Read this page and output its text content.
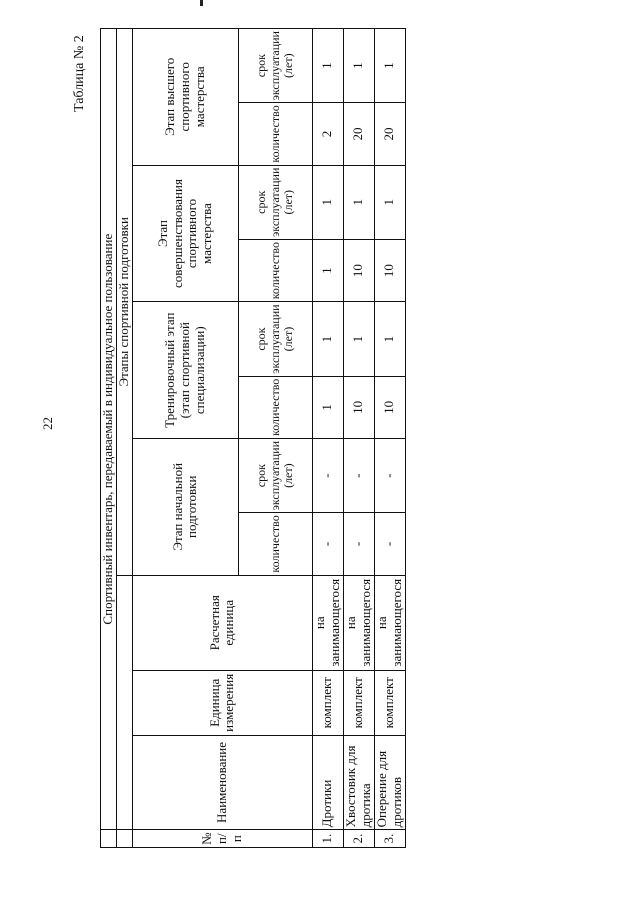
22
Таблица № 2
	Спортивный инвентарь, передаваемый в индивидуальное пользование										
				Этапы спортивной подготовки							
№ п/п	Наименование	Единица измерения	Расчетная единица	Этап начальной подготовки		Тренировочный этап (этап спортивной специализации)		Этап совершенствования спортивного мастерства		Этап высшего спортивного мастерства	
				количество	срок эксплуатации (лет)	количество	срок эксплуатации (лет)	количество	срок эксплуатации (лет)	количество	срок эксплуатации (лет)
1.	Дротики	комплект	на занимающегося	-	-	1	1	1	1	2	1
2.	Хвостовик для дротика	комплект	на занимающегося	-	-	10	1	10	1	20	1
3.	Оперение для дротиков	комплект	на занимающегося	-	-	10	1	10	1	20	1
